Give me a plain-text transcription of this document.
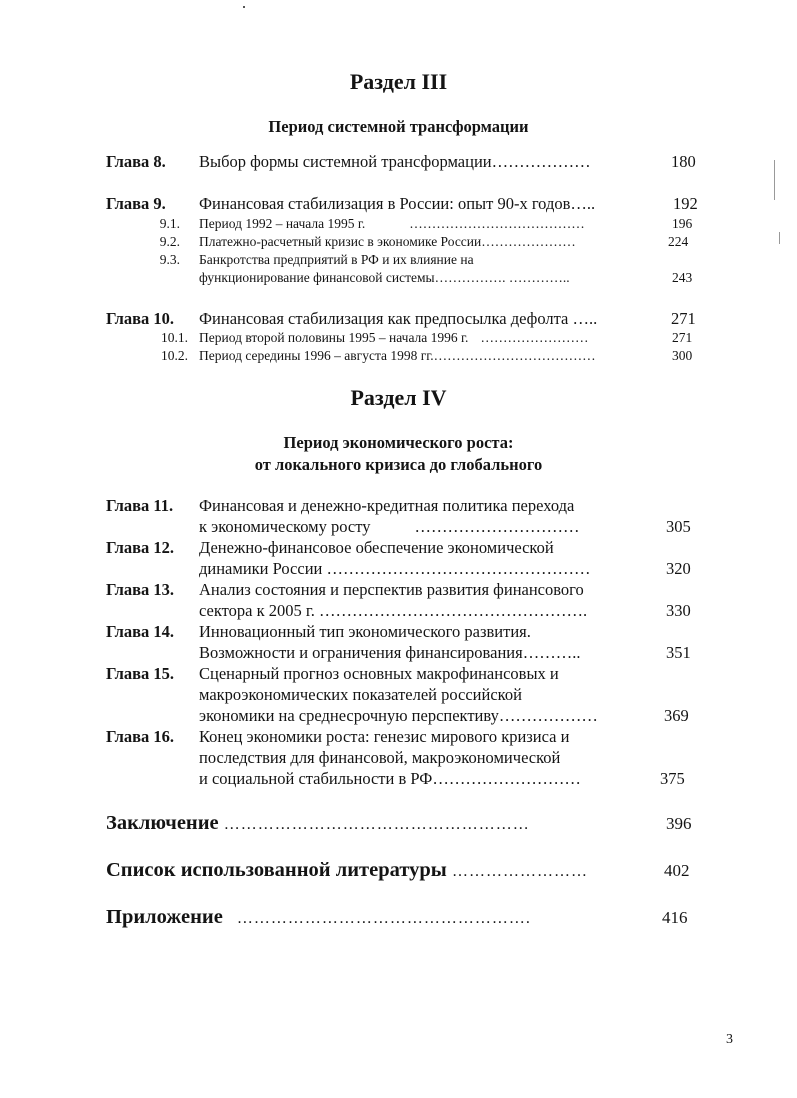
Раздел III
Период системной трансформации
Глава 8. Выбор формы системной трансформации………………	180
Глава 9. Финансовая стабилизация в России: опыт 90-х годов…..	192
9.1. Период 1992 – начала 1995 г.	…………………………………	196
9.2. Платежно-расчетный кризис в экономике России…………………	224
9.3. Банкротства предприятий в РФ и их влияние на
функционирование финансовой системы……………. …………..	243
Глава 10. Финансовая стабилизация как предпосылка дефолта …..	271
10.1. Период второй половины 1995 – начала 1996 г. ……………………	271
10.2. Период середины 1996 – августа 1998 гг.………………………………	300
Раздел IV
Период экономического роста:
от локального кризиса до глобального
Глава 11. Финансовая и денежно-кредитная политика перехода
к экономическому росту	…………………………	305
Глава 12. Денежно-финансовое обеспечение экономической
динамики России …………………………………………	320
Глава 13. Анализ состояния и перспектив развития финансового
сектора к 2005 г. ………………………………………….	330
Глава 14. Инновационный тип экономического развития.
Возможности и ограничения финансирования………..	351
Глава 15. Сценарный прогноз основных макрофинансовых и
макроэкономических показателей российской
экономики на среднесрочную перспективу………………	369
Глава 16. Конец экономики роста: генезис мирового кризиса и
последствия для финансовой, макроэкономической
и социальной стабильности в РФ………………………	375
Заключение ………………………………………………	396
Список использованной литературы ……………………	402
Приложение …………………………………………….	416
3
